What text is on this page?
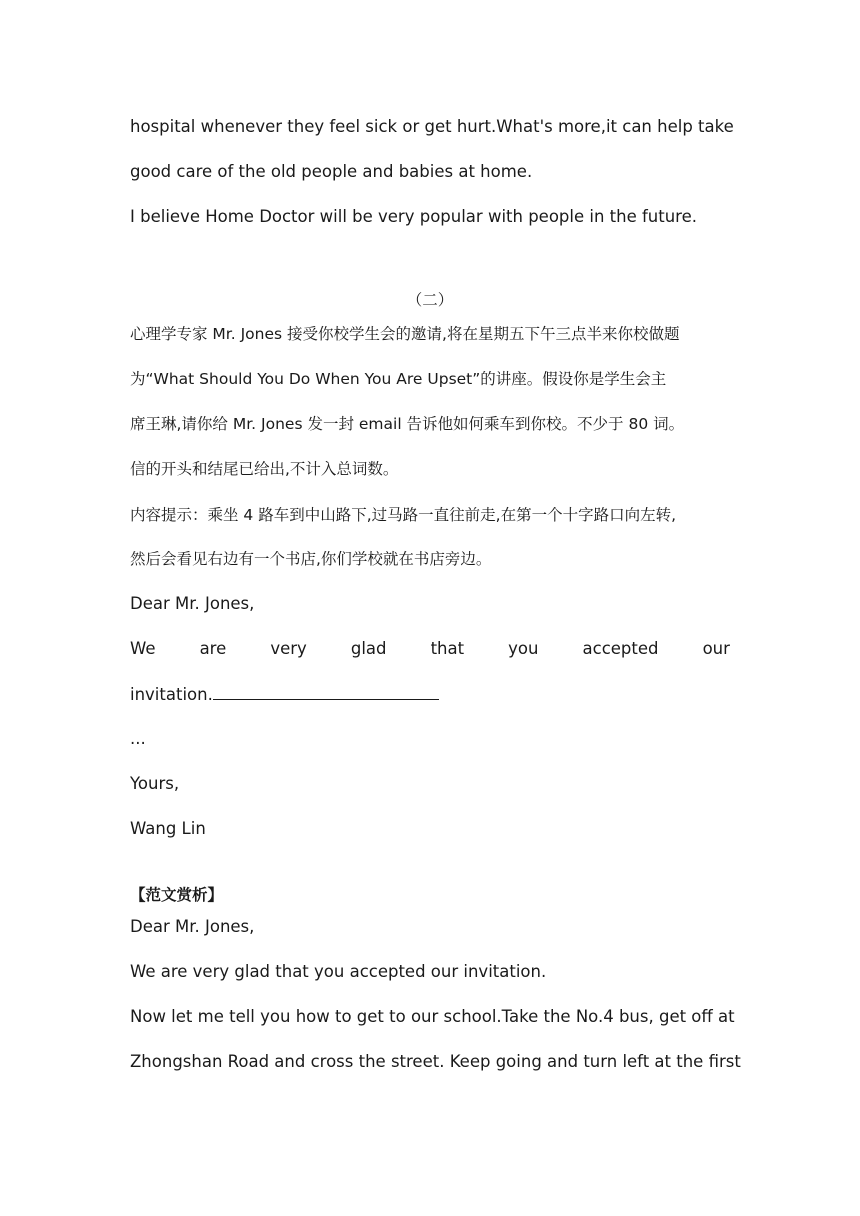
hospital whenever they feel sick or get hurt.What's more,it can help take
good care of the old people and babies at home.
I believe Home Doctor will be very popular with people in the future.
（二）
心理学专家 Mr. Jones 接受你校学生会的邀请,将在星期五下午三点半来你校做题
为“What Should You Do When You Are Upset”的讲座。假设你是学生会主
席王琳,请你给 Mr. Jones 发一封 email 告诉他如何乘车到你校。不少于 80 词。
信的开头和结尾已给出,不计入总词数。
内容提示：乘坐 4 路车到中山路下,过马路一直往前走,在第一个十字路口向左转,
然后会看见右边有一个书店,你们学校就在书店旁边。
Dear Mr. Jones,
We	are	very	glad	that	you	accepted	our
invitation.
...
Yours,
Wang Lin
【范文赏析】
Dear Mr. Jones,
We are very glad that you accepted our invitation.
Now let me tell you how to get to our school.Take the No.4 bus, get off at
Zhongshan Road and cross the street. Keep going and turn left at the first
